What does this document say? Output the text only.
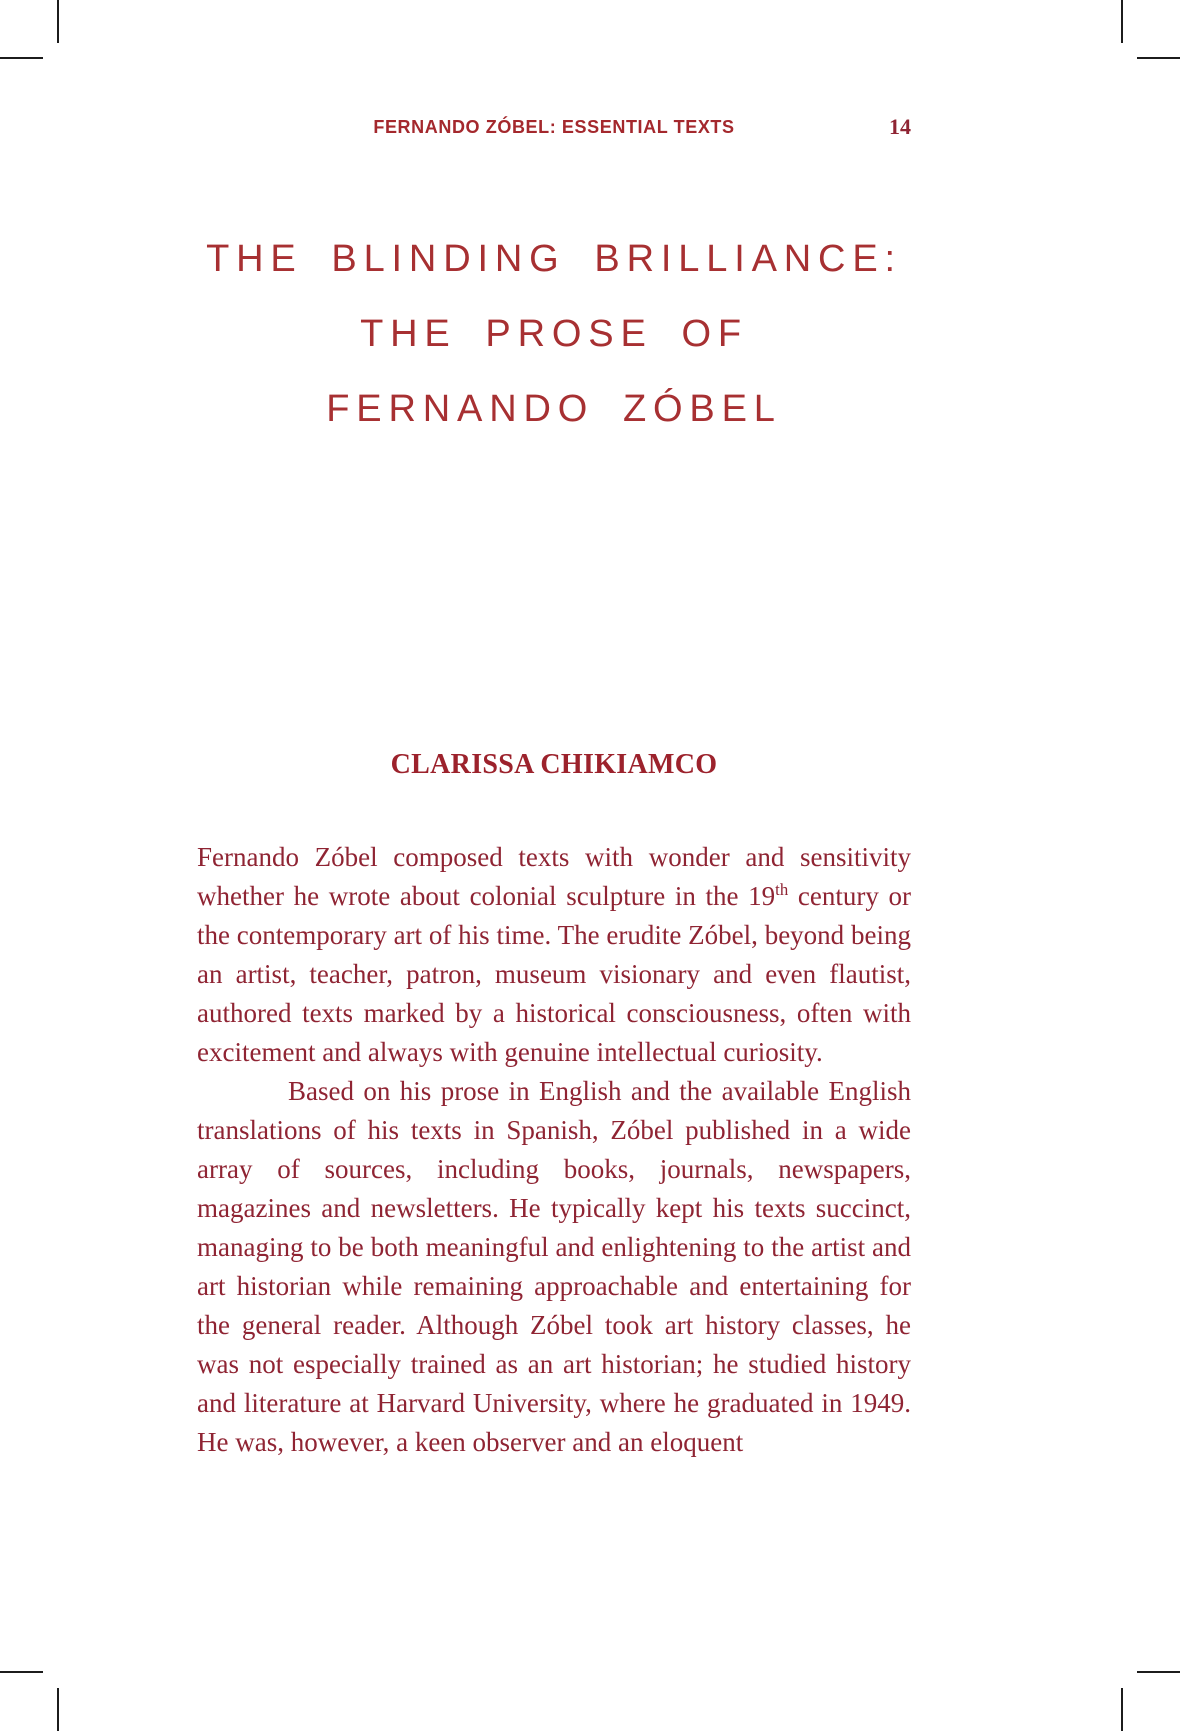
FERNANDO ZÓBEL: ESSENTIAL TEXTS	14
THE BLINDING BRILLIANCE:
THE PROSE OF
FERNANDO ZÓBEL
CLARISSA CHIKIAMCO

Fernando Zóbel composed texts with wonder and sensitivity whether he wrote about colonial sculpture in the 19th century or the contemporary art of his time. The erudite Zóbel, beyond being an artist, teacher, patron, museum visionary and even flautist, authored texts marked by a historical consciousness, often with excitement and always with genuine intellectual curiosity.

Based on his prose in English and the available English translations of his texts in Spanish, Zóbel published in a wide array of sources, including books, journals, newspapers, magazines and newsletters. He typically kept his texts succinct, managing to be both meaningful and enlightening to the artist and art historian while remaining approachable and entertaining for the general reader. Although Zóbel took art history classes, he was not especially trained as an art historian; he studied history and literature at Harvard University, where he graduated in 1949. He was, however, a keen observer and an eloquent
